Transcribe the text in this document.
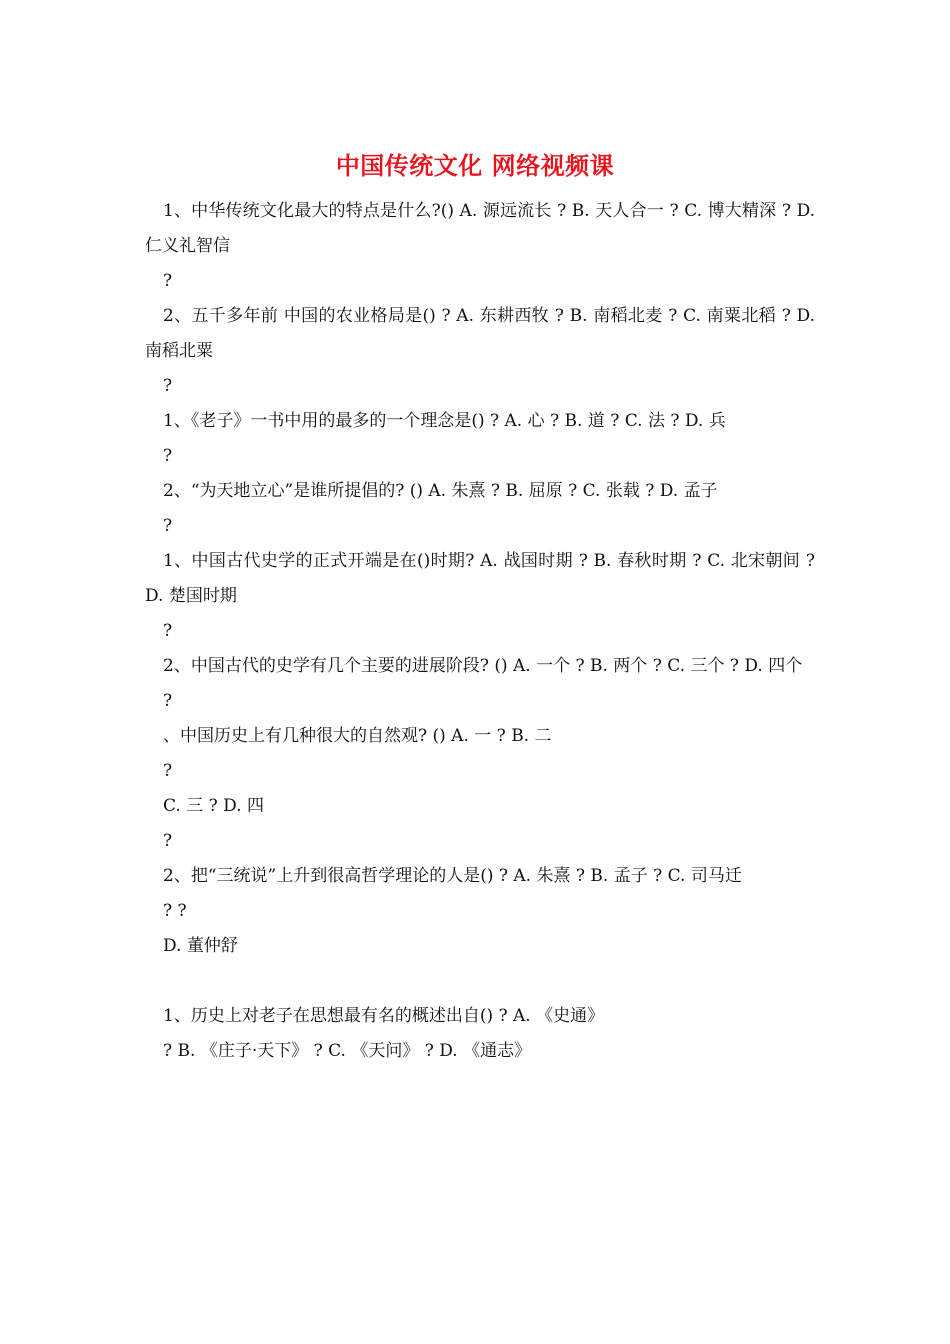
中国传统文化 网络视频课

1、中华传统文化最大的特点是什么?() A. 源远流长 ? B. 天人合一 ? C. 博大精深 ? D. 仁义礼智信

?

2、五千多年前 中国的农业格局是() ? A. 东耕西牧 ? B. 南稻北麦 ? C. 南粟北稻 ? D. 南稻北粟

?

1、《老子》一书中用的最多的一个理念是() ? A. 心 ? B. 道 ? C. 法 ? D. 兵

?

2、“为天地立心”是谁所提倡的? () A. 朱熹 ? B. 屈原 ? C. 张载 ? D. 孟子

?

1、中国古代史学的正式开端是在()时期? A. 战国时期 ? B. 春秋时期 ? C. 北宋朝间 ? D. 楚国时期

?

2、中国古代的史学有几个主要的进展阶段? () A. 一个 ? B. 两个 ? C. 三个 ? D. 四个

?
、中国历史上有几种很大的自然观? () A. 一 ? B. 二
?
C. 三 ? D. 四
?

2、把“三统说”上升到很高哲学理论的人是() ? A. 朱熹 ? B. 孟子 ? C. 司马迁

? ?
D. 董仲舒
1、历史上对老子在思想最有名的概述出自() ? A. 《史通》
? B. 《庄子·天下》 ? C. 《天问》 ? D. 《通志》
